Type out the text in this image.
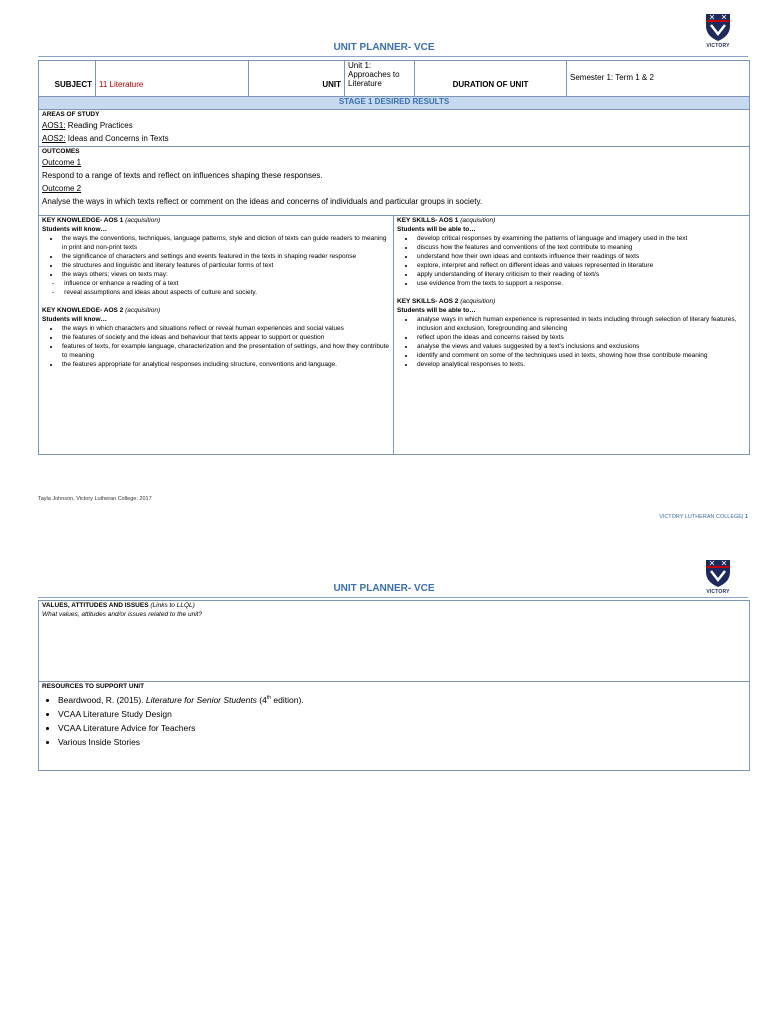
VICTORY

UNIT PLANNER- VCE
SUBJECT	11 Literature	UNIT	Unit 1: Approaches to Literature	DURATION OF UNIT	Semester 1: Term 1 & 2
STAGE 1 DESIRED RESULTS

AREAS OF STUDY
AOS1: Reading Practices
AOS2: Ideas and Concerns in Texts

OUTCOMES
Outcome 1
Respond to a range of texts and reflect on influences shaping these responses.
Outcome 2
Analyse the ways in which texts reflect or comment on the ideas and concerns of individuals and particular groups in society.

KEY KNOWLEDGE- AOS 1 (acquisition)
Students will know…
• the ways the conventions, techniques, language patterns, style and diction of texts can guide readers to meaning in print and non-print texts
• the significance of characters and settings and events featured in the texts in shaping reader response
• the structures and linguistic and literary features of particular forms of text
• the ways others; views on texts may:
- influence or enhance a reading of a text
- reveal assumptions and ideas about aspects of culture and society.
KEY KNOWLEDGE- AOS 2 (acquisition)
Students will know…
• the ways in which characters and situations reflect or reveal human experiences and social values
• the features of society and the ideas and behaviour that texts appear to support or question
• features of texts, for example language, characterization and the presentation of settings, and how they contribute to meaning
• the features appropriate for analytical responses including structure, conventions and language.

KEY SKILLS- AOS 1 (acquisition)
Students will be able to…
• develop critical responses by examining the patterns of language and imagery used in the text
• discuss how the features and conventions of the text contribute to meaning
• understand how their own ideas and contexts influence their readings of texts
• explore, interpret and reflect on different ideas and values represented in literature
• apply understanding of literary criticism to their reading of text/s
• use evidence from the texts to support a response.
KEY SKILLS- AOS 2 (acquisition)
Students will be able to…
• analyse ways in which human experience is represented in texts including through selection of literary features, inclusion and exclusion, foregrounding and silencing
• reflect upon the ideas and concerns raised by texts
• analyse the views and values suggested by a text's inclusions and exclusions
• identify and comment on some of the techniques used in texts, showing how thse contribute meaning
• develop analytical responses to texts.
Tayla Johnson, Victory Lutheran College: 2017
VICTORY LUTHERAN COLLEGE| 1
VICTORY
UNIT PLANNER- VCE
VALUES, ATTITUDES AND ISSUES (Links to LLQL)
What values, attitudes and/or issues related to the unit?

RESOURCES TO SUPPORT UNIT
• Beardwood, R. (2015). Literature for Senior Students (4th edition).
• VCAA Literature Study Design
• VCAA Literature Advice for Teachers
• Various Inside Stories
